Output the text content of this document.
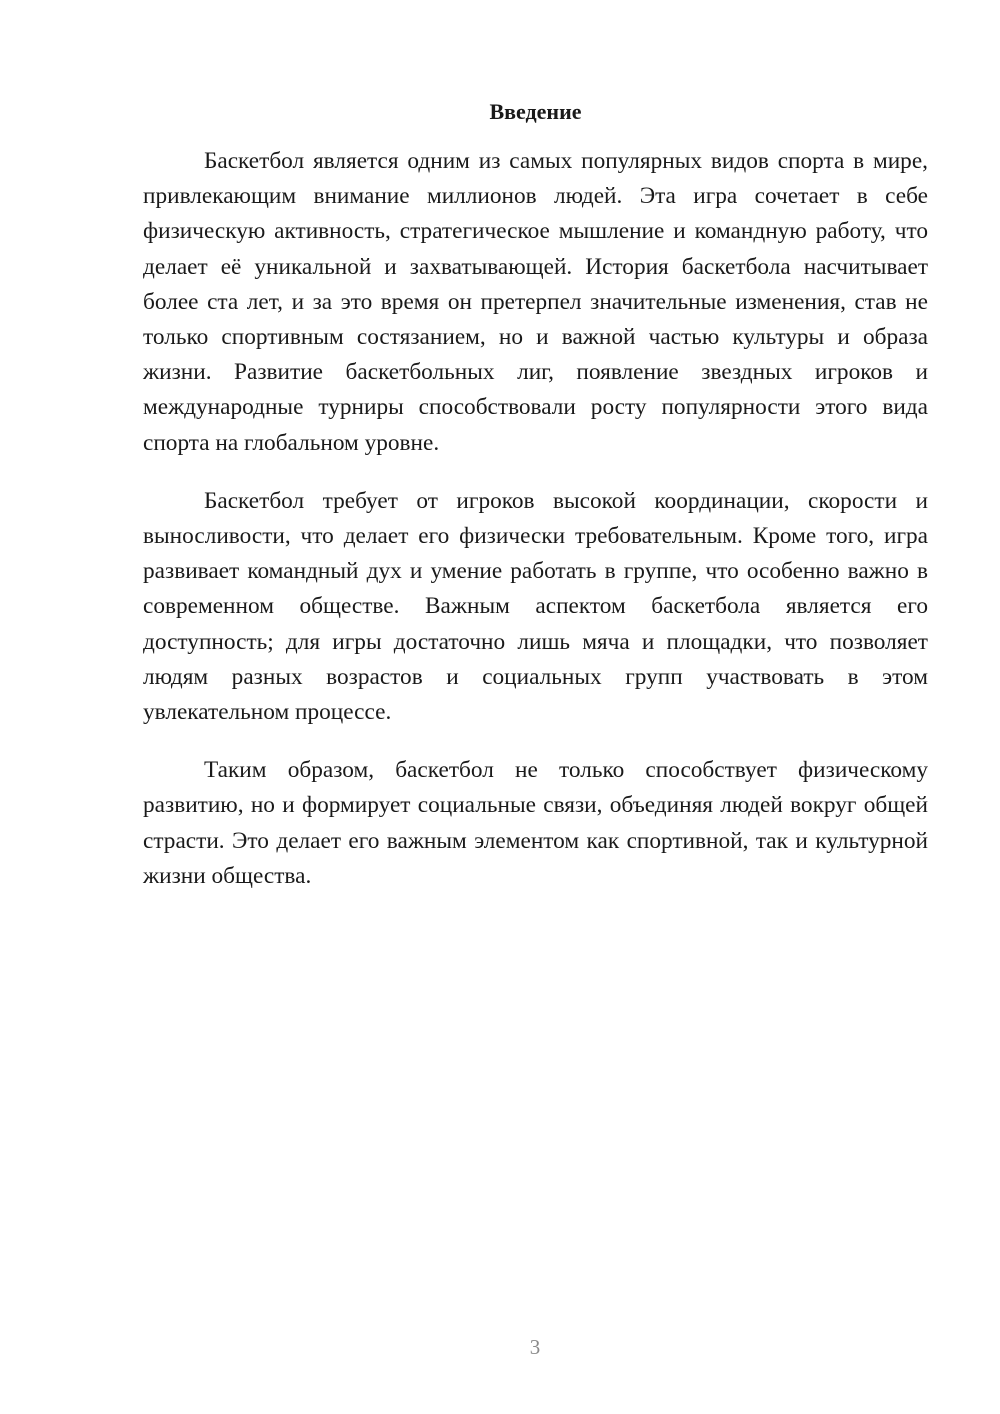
Введение

Баскетбол является одним из самых популярных видов спорта в мире, привлекающим внимание миллионов людей. Эта игра сочетает в себе физическую активность, стратегическое мышление и командную работу, что делает её уникальной и захватывающей. История баскетбола насчитывает более ста лет, и за это время он претерпел значительные изменения, став не только спортивным состязанием, но и важной частью культуры и образа жизни. Развитие баскетбольных лиг, появление звездных игроков и международные турниры способствовали росту популярности этого вида спорта на глобальном уровне.

Баскетбол требует от игроков высокой координации, скорости и выносливости, что делает его физически требовательным. Кроме того, игра развивает командный дух и умение работать в группе, что особенно важно в современном обществе. Важным аспектом баскетбола является его доступность; для игры достаточно лишь мяча и площадки, что позволяет людям разных возрастов и социальных групп участвовать в этом увлекательном процессе.

Таким образом, баскетбол не только способствует физическому развитию, но и формирует социальные связи, объединяя людей вокруг общей страсти. Это делает его важным элементом как спортивной, так и культурной жизни общества.

3
